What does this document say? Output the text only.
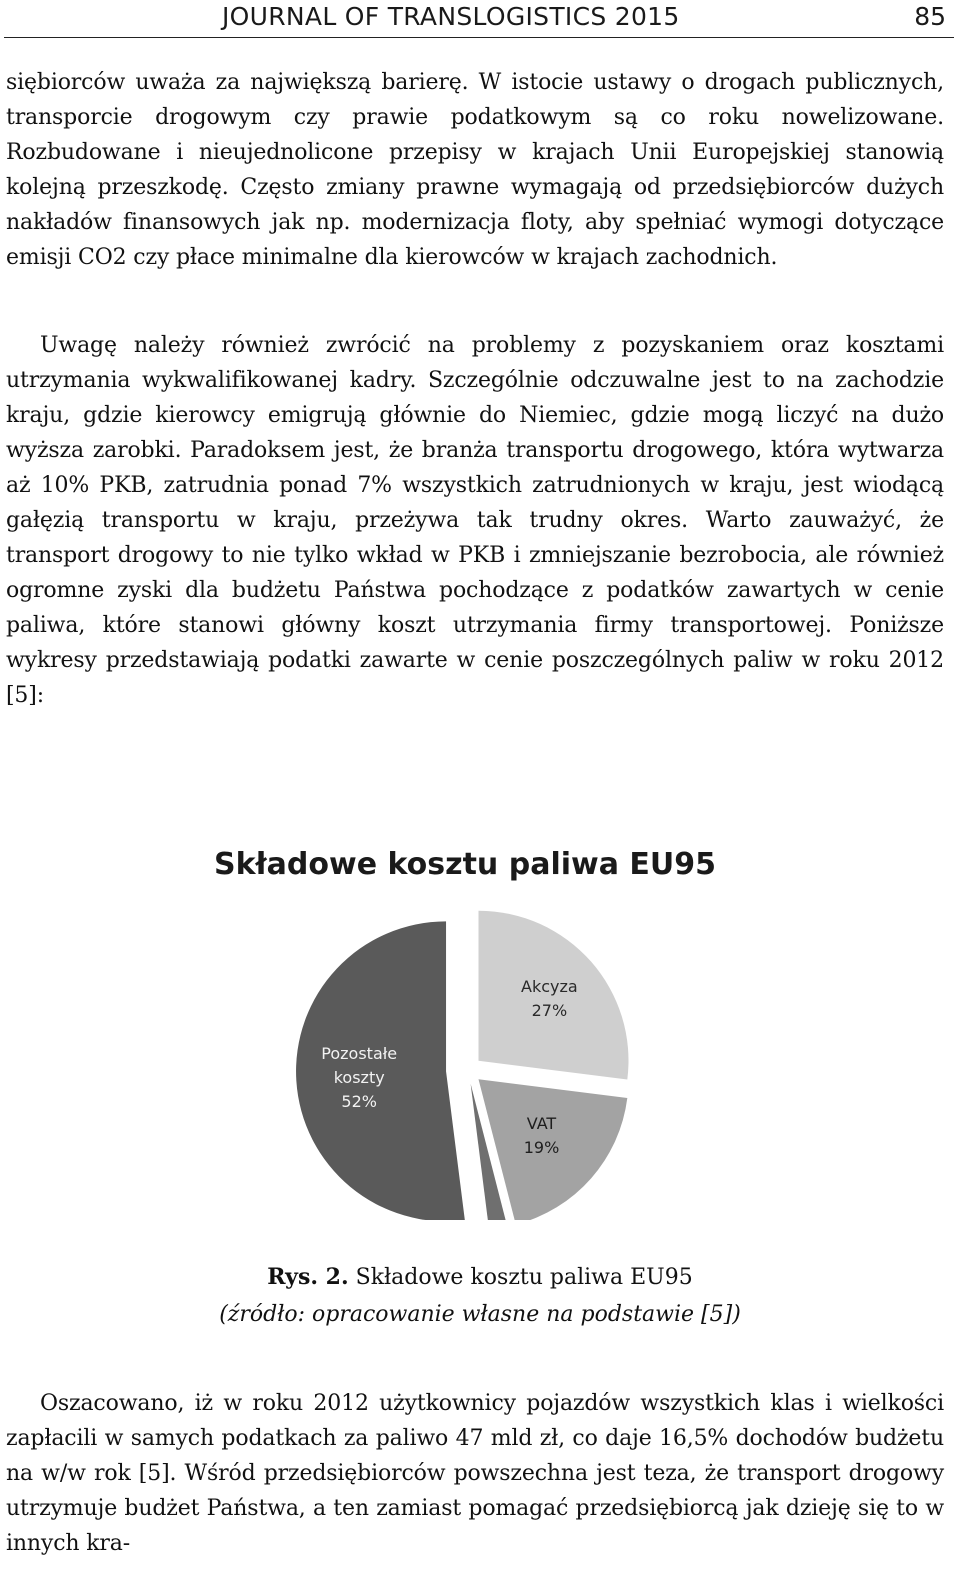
JOURNAL OF TRANSLOGISTICS 2015	85

siębiorców uważa za największą barierę. W istocie ustawy o drogach publicznych, transporcie drogowym czy prawie podatkowym są co roku nowelizowane. Rozbudowane i nieujednolicone przepisy w krajach Unii Europejskiej stanowią kolejną przeszkodę. Często zmiany prawne wymagają od przedsiębiorców dużych nakładów finansowych jak np. modernizacja floty, aby spełniać wymogi dotyczące emisji CO2 czy płace minimalne dla kierowców w krajach zachodnich.

Uwagę należy również zwrócić na problemy z pozyskaniem oraz kosztami utrzymania wykwalifikowanej kadry. Szczególnie odczuwalne jest to na zachodzie kraju, gdzie kierowcy emigrują głównie do Niemiec, gdzie mogą liczyć na dużo wyższa zarobki. Paradoksem jest, że branża transportu drogowego, która wytwarza aż 10% PKB, zatrudnia ponad 7% wszystkich zatrudnionych w kraju, jest wiodącą gałęzią transportu w kraju, przeżywa tak trudny okres. Warto zauważyć, że transport drogowy to nie tylko wkład w PKB i zmniejszanie bezrobocia, ale również ogromne zyski dla budżetu Państwa pochodzące z podatków zawartych w cenie paliwa, które stanowi główny koszt utrzymania firmy transportowej. Poniższe wykresy przedstawiają podatki zawarte w cenie poszczególnych paliw w roku 2012 [5]:

Składowe kosztu paliwa EU95
Akcyza 27%
VAT 19%
Pozostałe koszty 52%
Rys. 2. Składowe kosztu paliwa EU95
(źródło: opracowanie własne na podstawie [5])

Oszacowano, iż w roku 2012 użytkownicy pojazdów wszystkich klas i wielkości zapłacili w samych podatkach za paliwo 47 mld zł, co daje 16,5% dochodów budżetu na w/w rok [5]. Wśród przedsiębiorców powszechna jest teza, że transport drogowy utrzymuje budżet Państwa, a ten zamiast pomagać przedsiębiorcą jak dzieję się to w innych kra-
